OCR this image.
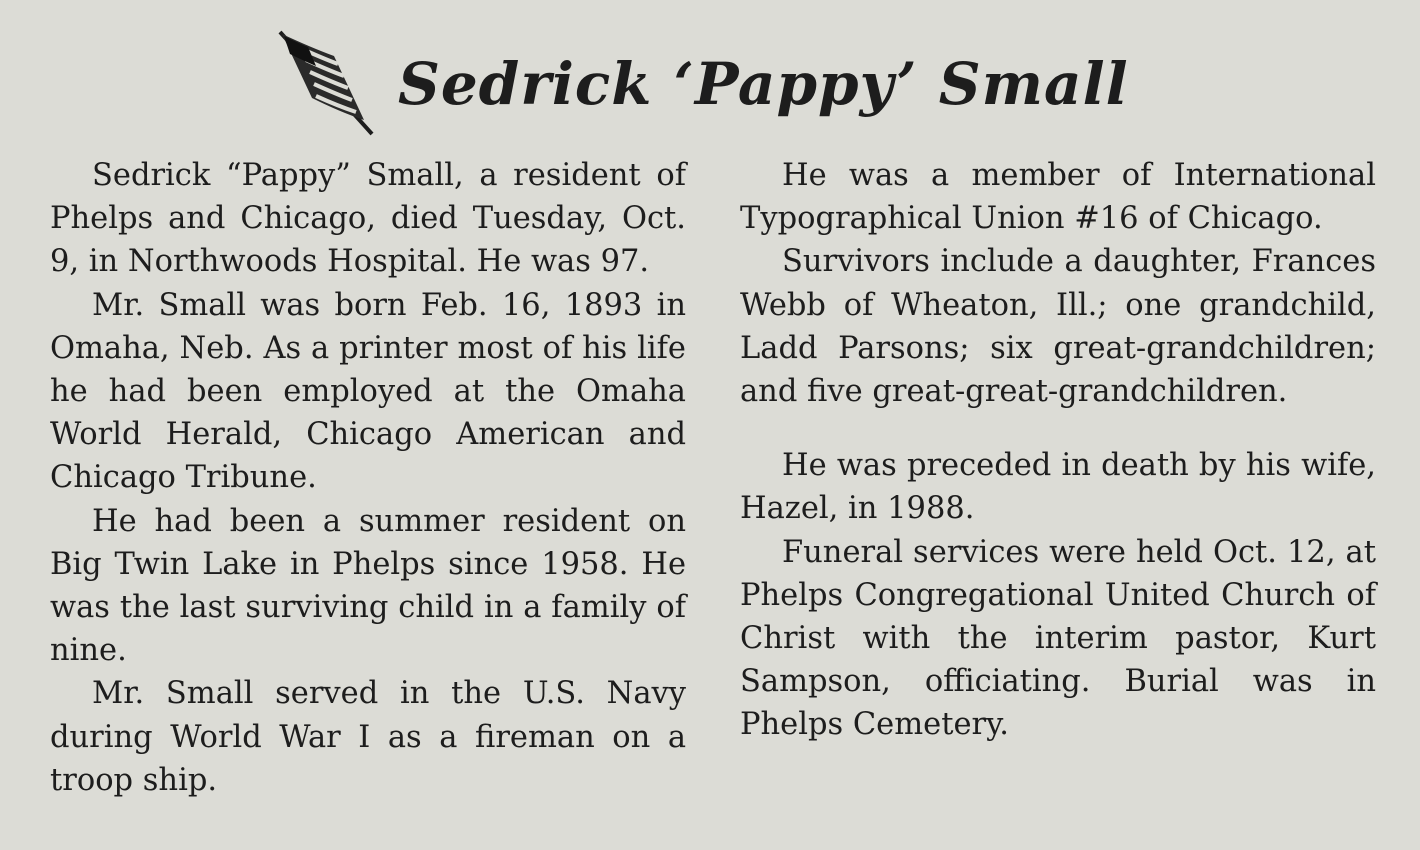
Sedrick ‘Pappy’ Small

Sedrick “Pappy” Small, a resident of Phelps and Chicago, died Tuesday, Oct. 9, in Northwoods Hospital. He was 97.

Mr. Small was born Feb. 16, 1893 in Omaha, Neb. As a printer most of his life he had been employed at the Omaha World Herald, Chicago American and Chicago Tribune.

He had been a summer resident on Big Twin Lake in Phelps since 1958. He was the last surviving child in a family of nine.

Mr. Small served in the U.S. Navy during World War I as a fireman on a troop ship.

He was a member of International Typographical Union #16 of Chicago.

Survivors include a daughter, Frances Webb of Wheaton, Ill.; one grandchild, Ladd Parsons; six great-grandchildren; and five great-great-grandchildren.

He was preceded in death by his wife, Hazel, in 1988.

Funeral services were held Oct. 12, at Phelps Congregational United Church of Christ with the interim pastor, Kurt Sampson, officiating. Burial was in Phelps Cemetery.
